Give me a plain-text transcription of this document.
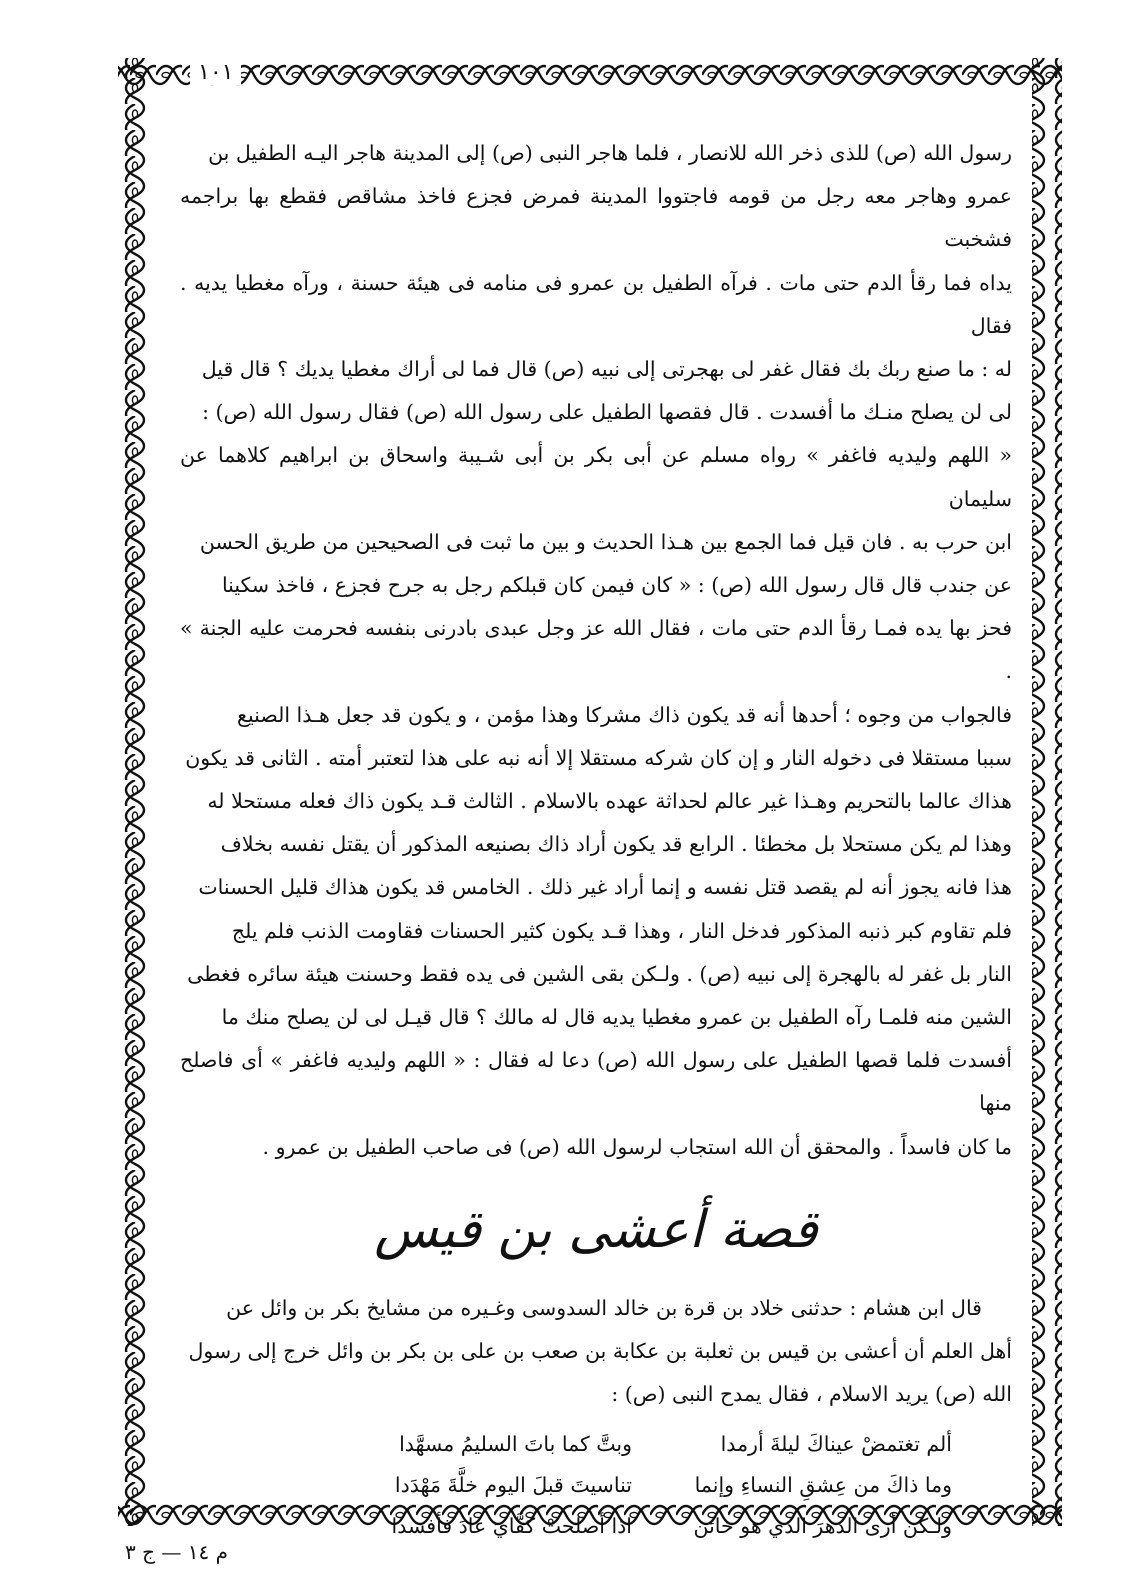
١٠١

رسول الله (ص) للذى ذخر الله للانصار ، فلما هاجر النبى (ص) إلى المدينة هاجر اليـه الطفيل بن

عمرو وهاجر معه رجل من قومه فاجتووا المدينة فمرض فجزع فاخذ مشاقص فقطع بها براجمه فشخبت

يداه فما رقأ الدم حتى مات . فرآه الطفيل بن عمرو فى منامه فى هيئة حسنة ، ورآه مغطيا يديه . فقال

له : ما صنع ربك بك فقال غفر لى بهجرتى إلى نبيه (ص) قال فما لى أراك مغطيا يديك ؟ قال قيل

لى لن يصلح منـك ما أفسدت . قال فقصها الطفيل على رسول الله (ص) فقال رسول الله (ص) :

« اللهم وليديه فاغفر » رواه مسلم عن أبى بكر بن أبى شـيبة واسحاق بن ابراهيم كلاهما عن سليمان

ابن حرب به . فان قيل فما الجمع بين هـذا الحديث و بين ما ثبت فى الصحيحين من طريق الحسن

عن جندب قال قال رسول الله (ص) : « كان فيمن كان قبلكم رجل به جرح فجزع ، فاخذ سكينا

فحز بها يده فمـا رقأ الدم حتى مات ، فقال الله عز وجل عبدى بادرنى بنفسه فحرمت عليه الجنة » .

فالجواب من وجوه ؛ أحدها أنه قد يكون ذاك مشركا وهذا مؤمن ، و يكون قد جعل هـذا الصنيع

سببا مستقلا فى دخوله النار و إن كان شركه مستقلا إلا أنه نبه على هذا لتعتبر أمته . الثانى قد يكون

هذاك عالما بالتحريم وهـذا غير عالم لحداثة عهده بالاسلام . الثالث قـد يكون ذاك فعله مستحلا له

وهذا لم يكن مستحلا بل مخطئا . الرابع قد يكون أراد ذاك بصنيعه المذكور أن يقتل نفسه بخلاف

هذا فانه يجوز أنه لم يقصد قتل نفسه و إنما أراد غير ذلك . الخامس قد يكون هذاك قليل الحسنات

فلم تقاوم كبر ذنبه المذكور فدخل النار ، وهذا قـد يكون كثير الحسنات فقاومت الذنب فلم يلج

النار بل غفر له بالهجرة إلى نبيه (ص) . ولـكن بقى الشين فى يده فقط وحسنت هيئة سائره فغطى

الشين منه فلمـا رآه الطفيل بن عمرو مغطيا يديه قال له مالك ؟ قال قيـل لى لن يصلح منك ما

أفسدت فلما قصها الطفيل على رسول الله (ص) دعا له فقال : « اللهم وليديه فاغفر » أى فاصلح منها

ما كان فاسداً . والمحقق أن الله استجاب لرسول الله (ص) فى صاحب الطفيل بن عمرو .

قصة أعشى بن قيس

قال ابن هشام : حدثنى خلاد بن قرة بن خالد السدوسى وغـيره من مشايخ بكر بن وائل عن

أهل العلم أن أعشى بن قيس بن ثعلبة بن عكابة بن صعب بن على بن بكر بن وائل خرج إلى رسول

الله (ص) يريد الاسلام ، فقال يمدح النبى (ص) :

ألم تغتمضْ عيناكَ ليلةَ أرمدا
وبتَّ كما باتَ السليمُ مسهَّدا
وما ذاكَ من عِشقِ النساءِ وإنما
تناسيتَ قبلَ اليوم خلَّةَ مَهْدَدا
ولـكن أرى الدهرَ الذي هو خائن
اذا أصلحتْ كفَّايَ عادَ فأفسدا
م ١٤ — ج ٣
